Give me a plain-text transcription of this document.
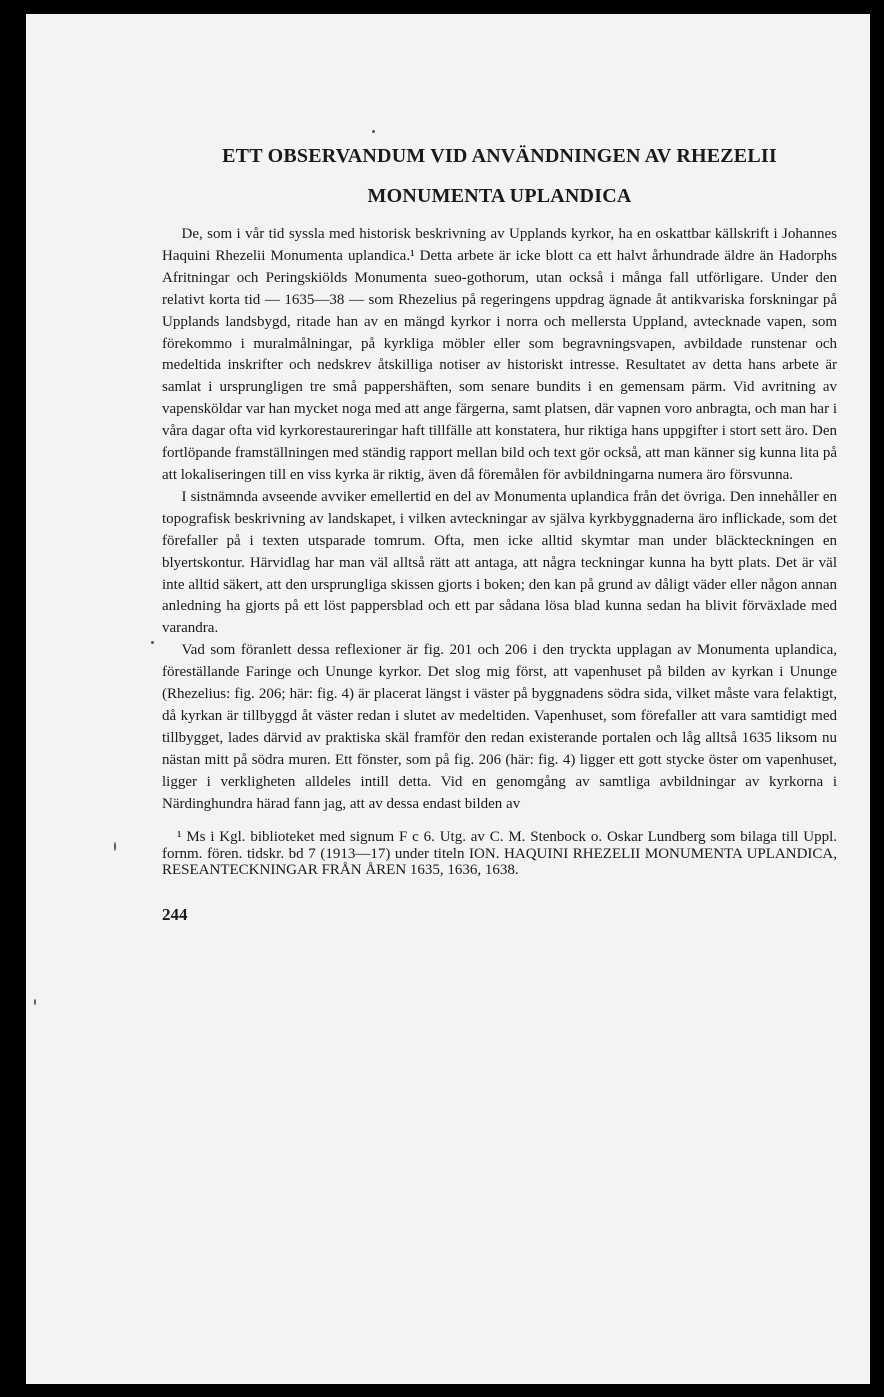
ETT OBSERVANDUM VID ANVÄNDNINGEN AV RHEZELII
MONUMENTA UPLANDICA

De, som i vår tid syssla med historisk beskrivning av Upplands kyrkor, ha en oskattbar källskrift i Johannes Haquini Rhezelii Monumenta uplandica.¹ Detta arbete är icke blott ca ett halvt århundrade äldre än Hadorphs Afritningar och Peringskiölds Monumenta sueo-gothorum, utan också i många fall utförligare. Under den relativt korta tid — 1635—38 — som Rhezelius på regeringens uppdrag ägnade åt antikvariska forskningar på Upplands landsbygd, ritade han av en mängd kyrkor i norra och mellersta Uppland, avtecknade vapen, som förekommo i muralmålningar, på kyrkliga möbler eller som begravningsvapen, avbildade runstenar och medeltida inskrifter och nedskrev åtskilliga notiser av historiskt intresse. Resultatet av detta hans arbete är samlat i ursprungligen tre små pappershäften, som senare bundits i en gemensam pärm. Vid avritning av vapensköldar var han mycket noga med att ange färgerna, samt platsen, där vapnen voro anbragta, och man har i våra dagar ofta vid kyrkorestaureringar haft tillfälle att konstatera, hur riktiga hans uppgifter i stort sett äro. Den fortlöpande framställningen med ständig rapport mellan bild och text gör också, att man känner sig kunna lita på att lokaliseringen till en viss kyrka är riktig, även då föremålen för avbildningarna numera äro försvunna.

I sistnämnda avseende avviker emellertid en del av Monumenta uplandica från det övriga. Den innehåller en topografisk beskrivning av landskapet, i vilken avteckningar av själva kyrkbyggnaderna äro inflickade, som det förefaller på i texten utsparade tomrum. Ofta, men icke alltid skymtar man under bläckteckningen en blyertskontur. Härvidlag har man väl alltså rätt att antaga, att några teckningar kunna ha bytt plats. Det är väl inte alltid säkert, att den ursprungliga skissen gjorts i boken; den kan på grund av dåligt väder eller någon annan anledning ha gjorts på ett löst pappersblad och ett par sådana lösa blad kunna sedan ha blivit förväxlade med varandra.

Vad som föranlett dessa reflexioner är fig. 201 och 206 i den tryckta upplagan av Monumenta uplandica, föreställande Faringe och Ununge kyrkor. Det slog mig först, att vapenhuset på bilden av kyrkan i Ununge (Rhezelius: fig. 206; här: fig. 4) är placerat längst i väster på byggnadens södra sida, vilket måste vara felaktigt, då kyrkan är tillbyggd åt väster redan i slutet av medeltiden. Vapenhuset, som förefaller att vara samtidigt med tillbygget, lades därvid av praktiska skäl framför den redan existerande portalen och låg alltså 1635 liksom nu nästan mitt på södra muren. Ett fönster, som på fig. 206 (här: fig. 4) ligger ett gott stycke öster om vapenhuset, ligger i verkligheten alldeles intill detta. Vid en genomgång av samtliga avbildningar av kyrkorna i Närdinghundra härad fann jag, att av dessa endast bilden av

¹ Ms i Kgl. biblioteket med signum F c 6. Utg. av C. M. Stenbock o. Oskar Lundberg som bilaga till Uppl. fornm. fören. tidskr. bd 7 (1913—17) under titeln ION. HAQUINI RHEZELII MONUMENTA UPLANDICA, RESEANTECKNINGAR FRÅN ÅREN 1635, 1636, 1638.

244
